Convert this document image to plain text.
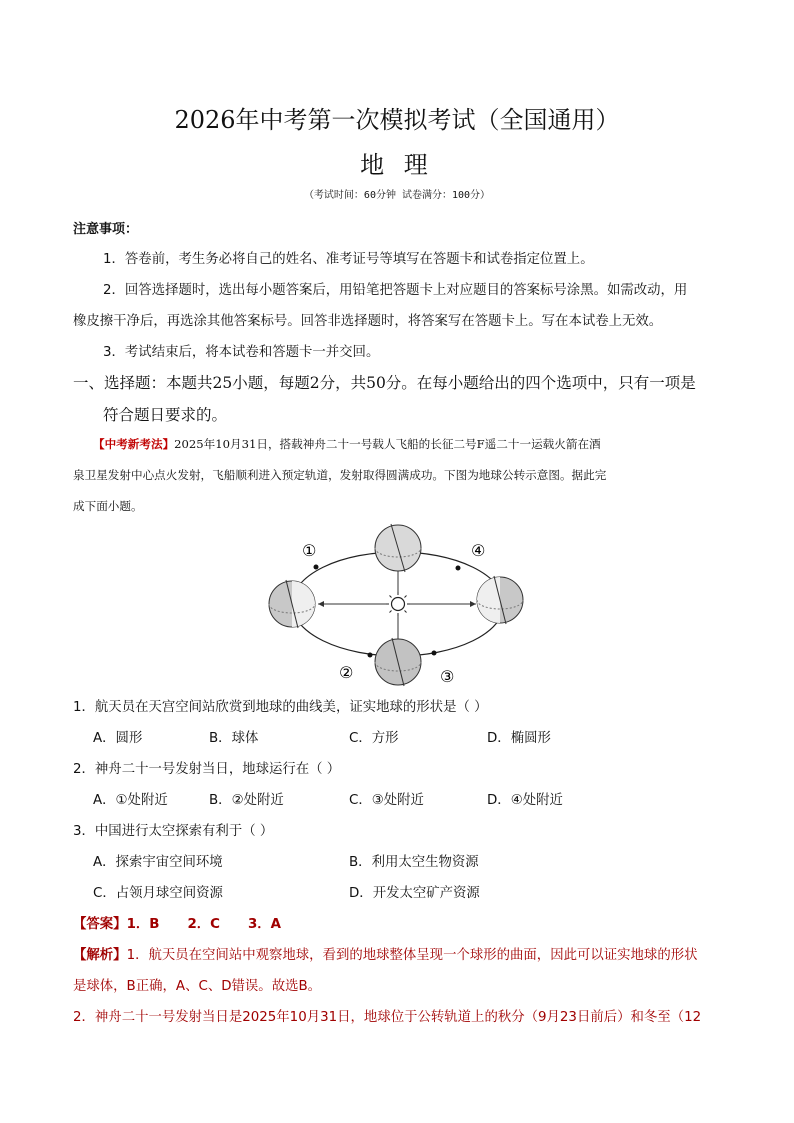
2026年中考第一次模拟考试（全国通用）
地 理
（考试时间：60分钟 试卷满分：100分）
注意事项：
1．答卷前，考生务必将自己的姓名、准考证号等填写在答题卡和试卷指定位置上。
2．回答选择题时，选出每小题答案后，用铅笔把答题卡上对应题目的答案标号涂黑。如需改动，用
橡皮擦干净后，再选涂其他答案标号。回答非选择题时，将答案写在答题卡上。写在本试卷上无效。
3．考试结束后，将本试卷和答题卡一并交回。
一、选择题：本题共25小题，每题2分，共50分。在每小题给出的四个选项中，只有一项是
符合题日要求的。
【中考新考法】2025年10月31日，搭载神舟二十一号载人飞船的长征二号F遥二十一运载火箭在酒
泉卫星发射中心点火发射，飞船顺利进入预定轨道，发射取得圆满成功。下图为地球公转示意图。据此完
成下面小题。
①	④
②	③
1．航天员在天宫空间站欣赏到地球的曲线美，证实地球的形状是（ ）
A．圆形	B．球体	C．方形	D．椭圆形
2．神舟二十一号发射当日，地球运行在（ ）
A．①处附近	B．②处附近	C．③处附近	D．④处附近
3．中国进行太空探索有利于（ ）
A．探索宇宙空间环境	B．利用太空生物资源
C．占领月球空间资源	D．开发太空矿产资源
【答案】1．B      2．C      3．A
【解析】1．航天员在空间站中观察地球，看到的地球整体呈现一个球形的曲面，因此可以证实地球的形状
是球体，B正确，A、C、D错误。故选B。
2．神舟二十一号发射当日是2025年10月31日，地球位于公转轨道上的秋分（9月23日前后）和冬至（12
